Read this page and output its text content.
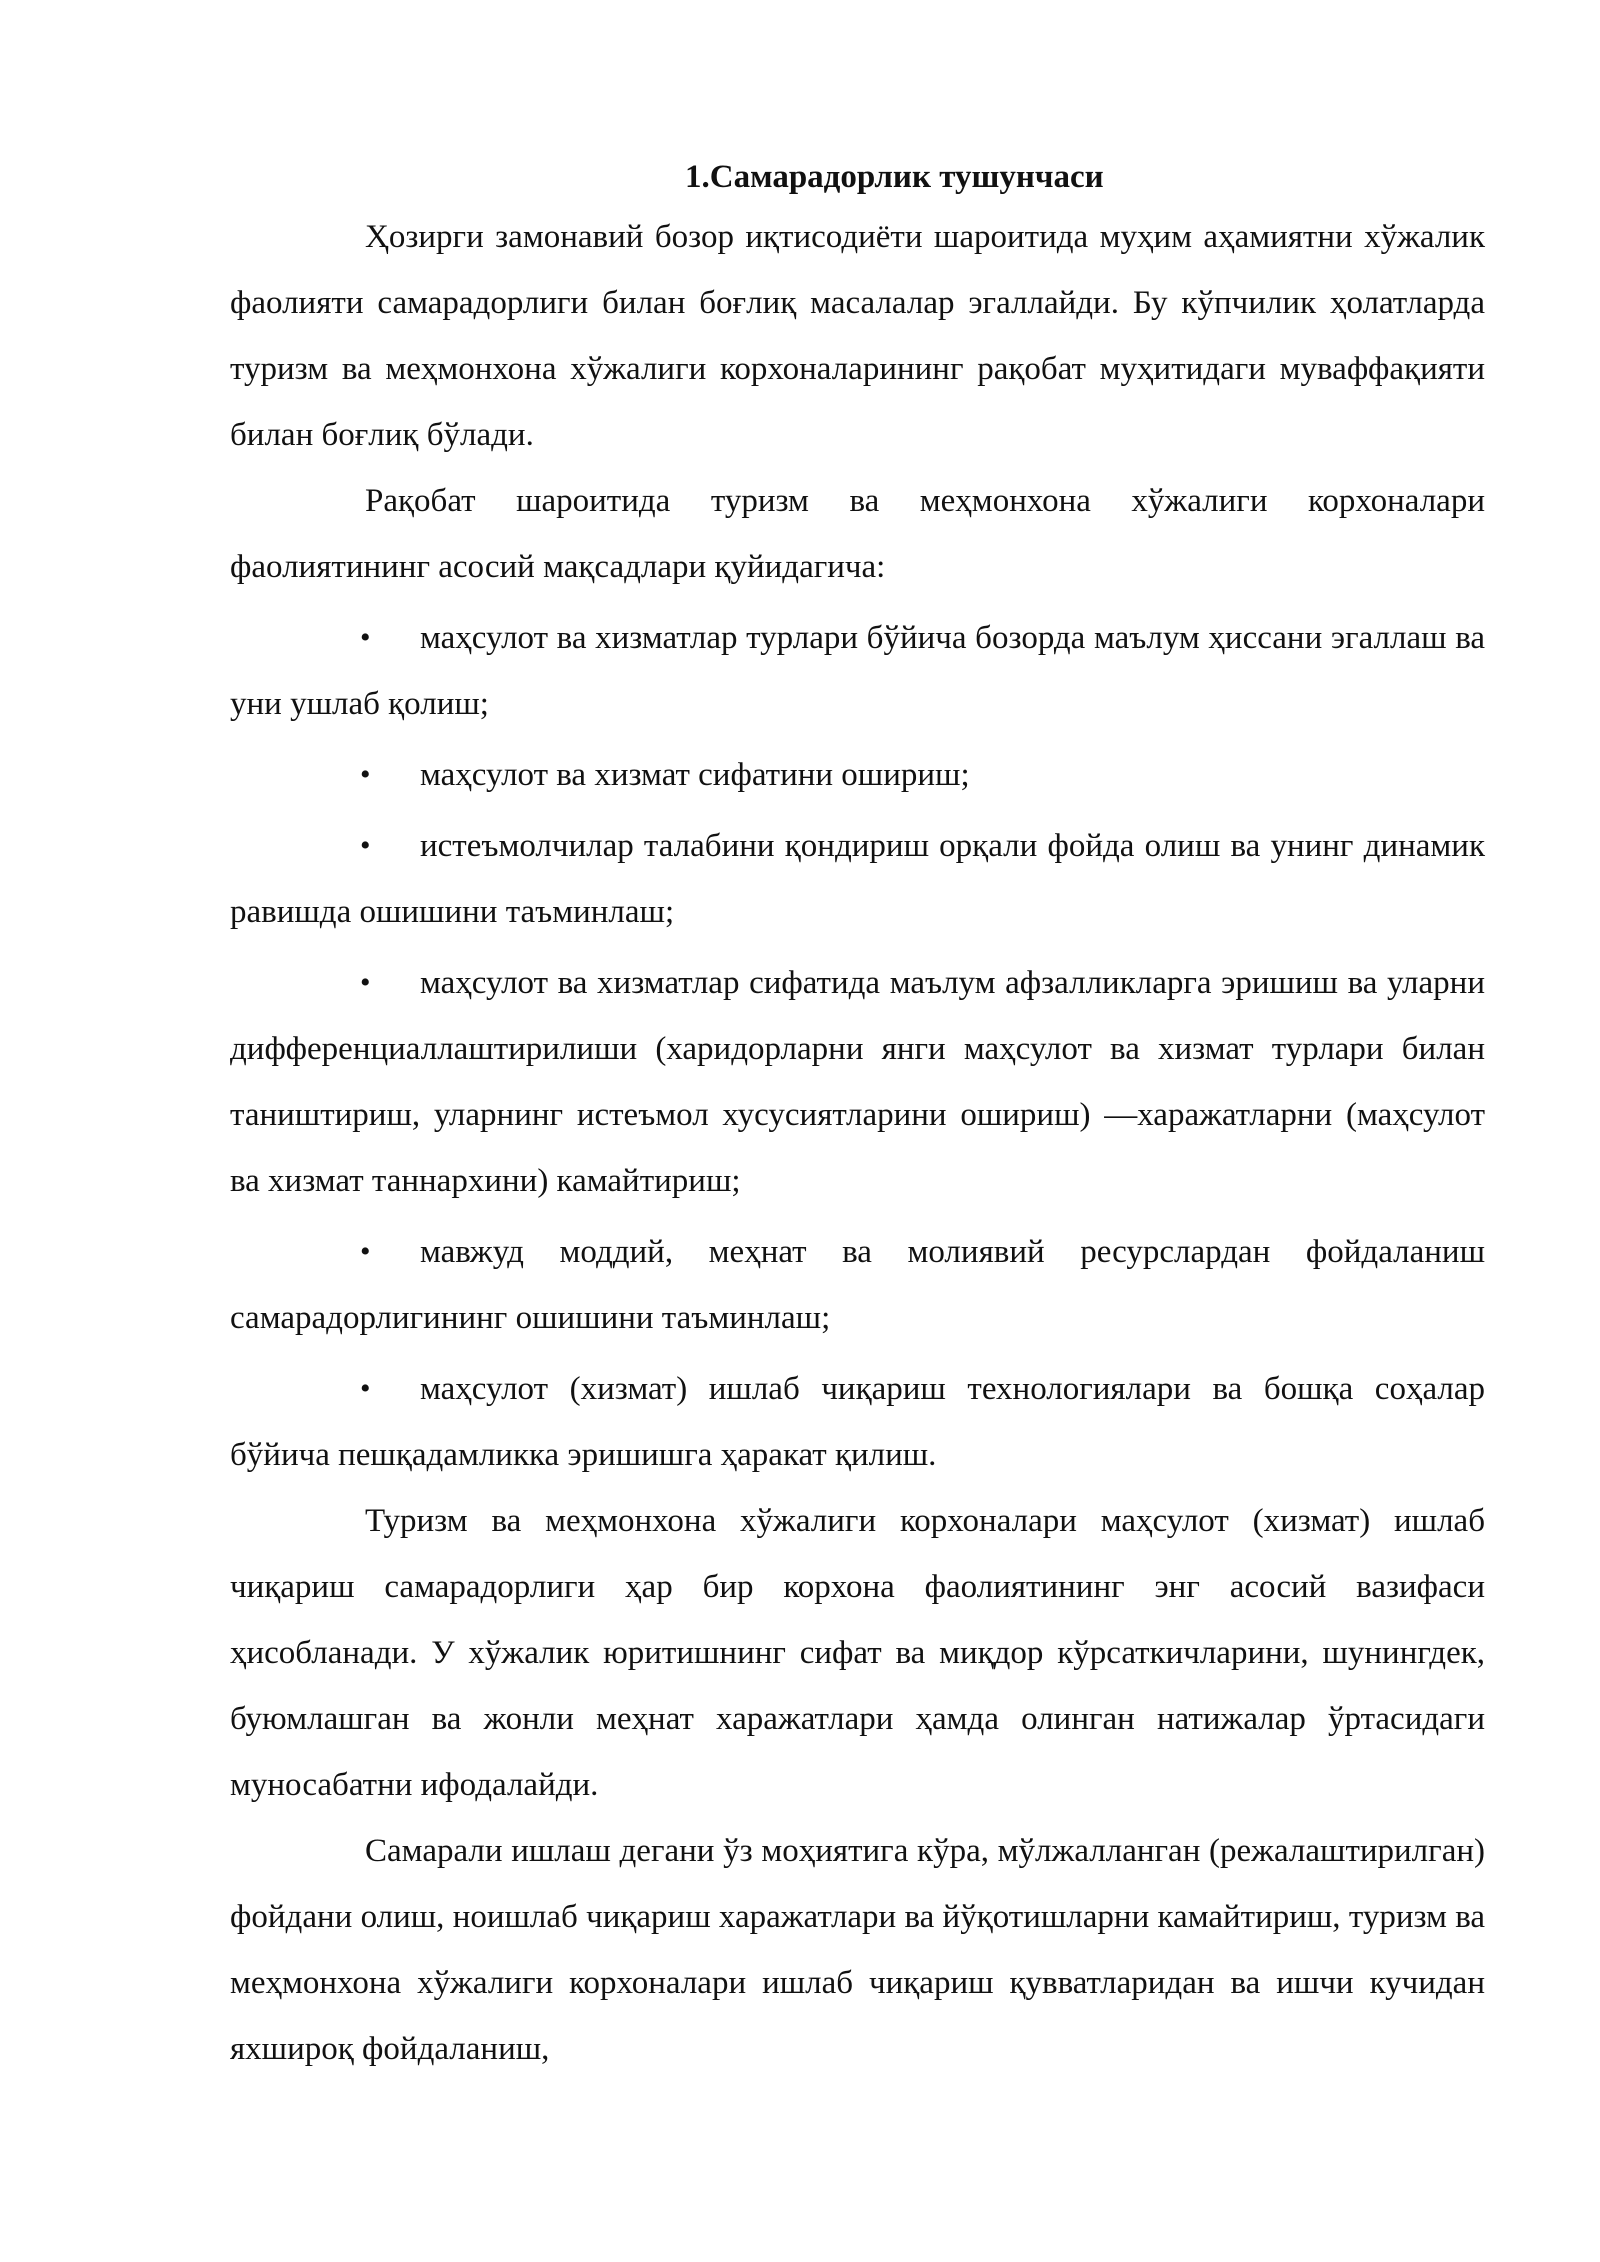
1.Самарадорлик тушунчаси

Ҳозирги замонавий бозор иқтисодиёти шароитида муҳим аҳамиятни хўжалик фаолияти самарадорлиги билан боғлиқ масалалар эгаллайди. Бу кўпчилик ҳолатларда туризм ва меҳмонхона хўжалиги корхоналарининг рақобат муҳитидаги муваффақияти билан боғлиқ бўлади.

Рақобат шароитида туризм ва меҳмонхона хўжалиги корхоналари фаолиятининг асосий мақсадлари қуйидагича:

• маҳсулот ва хизматлар турлари бўйича бозорда маълум ҳиссани эгаллаш ва уни ушлаб қолиш;

• маҳсулот ва хизмат сифатини ошириш;

• истеъмолчилар талабини қондириш орқали фойда олиш ва унинг динамик равишда ошишини таъминлаш;

• маҳсулот ва хизматлар сифатида маълум афзалликларга эришиш ва уларни дифференциаллаштирилиши (харидорларни янги маҳсулот ва хизмат турлари билан таништириш, уларнинг истеъмол хусусиятларини ошириш) —харажатларни (маҳсулот ва хизмат таннархини) камайтириш;

• мавжуд моддий, меҳнат ва молиявий ресурслардан фойдаланиш самарадорлигининг ошишини таъминлаш;

• маҳсулот (хизмат) ишлаб чиқариш технологиялари ва бошқа соҳалар бўйича пешқадамликка эришишга ҳаракат қилиш.

Туризм ва меҳмонхона хўжалиги корхоналари маҳсулот (хизмат) ишлаб чиқариш самарадорлиги ҳар бир корхона фаолиятининг энг асосий вазифаси ҳисобланади. У хўжалик юритишнинг сифат ва миқдор кўрсаткичларини, шунингдек, буюмлашган ва жонли меҳнат харажатлари ҳамда олинган натижалар ўртасидаги муносабатни ифодалайди.

Самарали ишлаш дегани ўз моҳиятига кўра, мўлжалланган (режалаштирилган) фойдани олиш, ноишлаб чиқариш харажатлари ва йўқотишларни камайтириш, туризм ва меҳмонхона хўжалиги корхоналари ишлаб чиқариш қувватларидан ва ишчи кучидан яхшироқ фойдаланиш,
